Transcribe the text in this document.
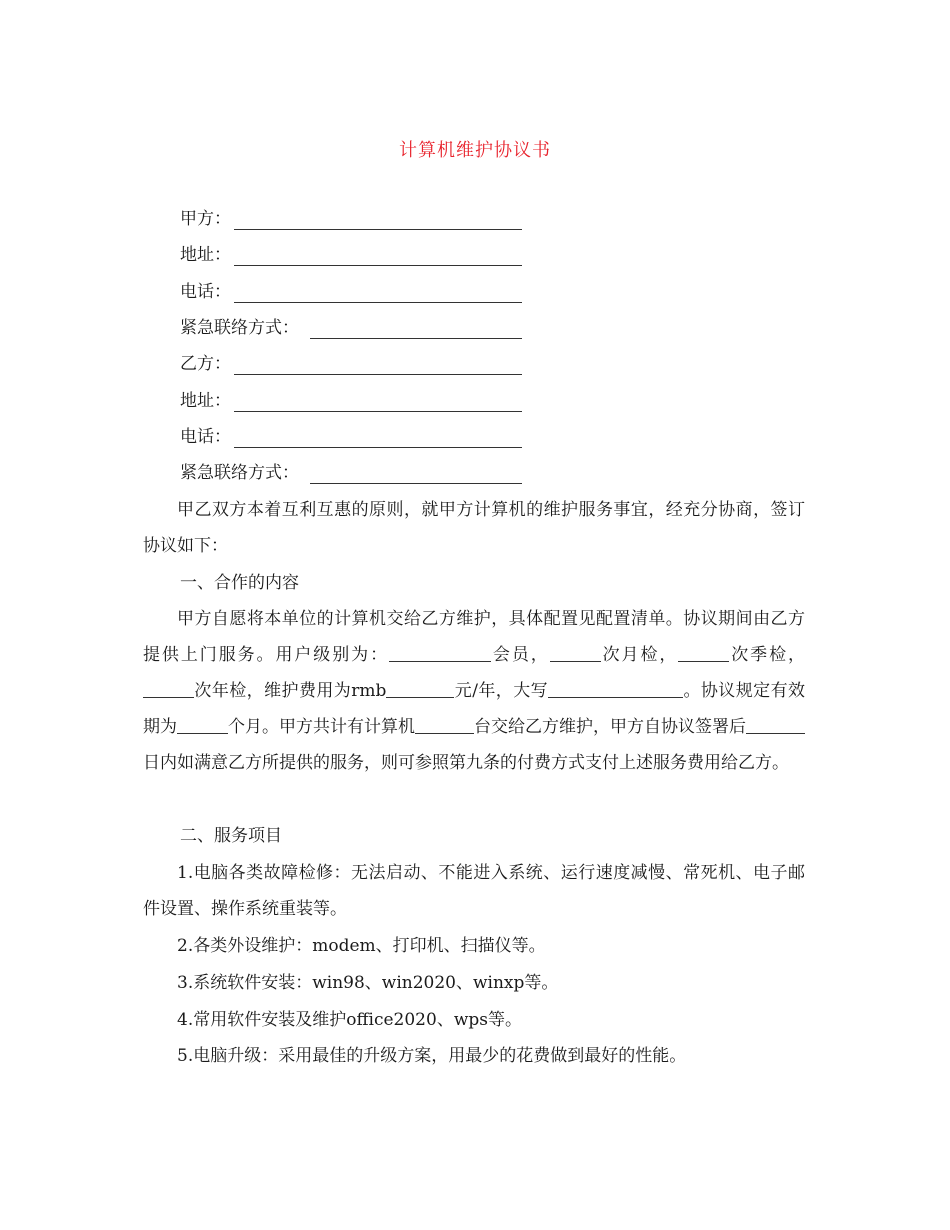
计算机维护协议书
甲方：
地址：
电话：
紧急联络方式：
乙方：
地址：
电话：
紧急联络方式：
甲乙双方本着互利互惠的原则，就甲方计算机的维护服务事宜，经充分协商，签订协议如下：
一、合作的内容
甲方自愿将本单位的计算机交给乙方维护，具体配置见配置清单。协议期间由乙方提供上门服务。用户级别为：	会员，	次月检，	次季检，次年检，维护费用为rmb	元/年，大写	。协议规定有效期为	个月。甲方共计有计算机	台交给乙方维护，甲方自协议签署后日内如满意乙方所提供的服务，则可参照第九条的付费方式支付上述服务费用给乙方。
二、服务项目
1.电脑各类故障检修：无法启动、不能进入系统、运行速度减慢、常死机、电子邮件设置、操作系统重装等。
2.各类外设维护：modem、打印机、扫描仪等。
3.系统软件安装：win98、win2020、winxp等。
4.常用软件安装及维护office2020、wps等。
5.电脑升级：采用最佳的升级方案，用最少的花费做到最好的性能。
